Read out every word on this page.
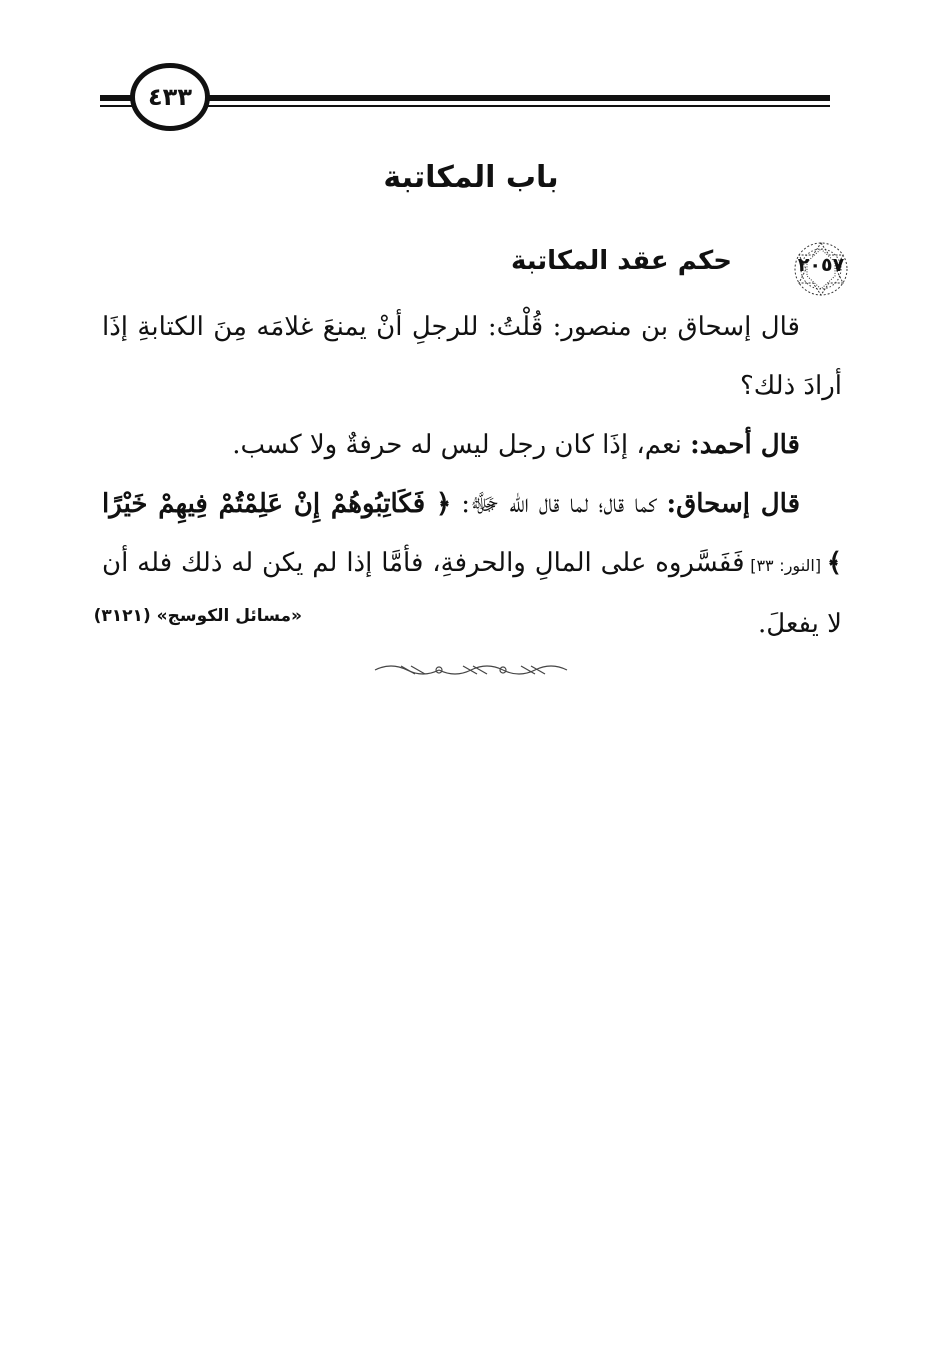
٤٣٣
باب المكاتبة
٢٠٥٧
حكم عقد المكاتبة

قال إسحاق بن منصور: قُلْتُ: للرجلِ أنْ يمنعَ غلامَه مِنَ الكتابةِ إذَا أرادَ ذلك؟

قال أحمد: نعم، إذَا كان رجل ليس له حرفةٌ ولا كسب.

قال إسحاق: كما قال؛ لما قال الله ﷻ: ﴿ فَكَاتِبُوهُمْ إِنْ عَلِمْتُمْ فِيهِمْ خَيْرًا ﴾ [النور: ٣٣] فَفَسَّروه على المالِ والحرفةِ، فأمَّا إذا لم يكن له ذلك فله أن لا يفعلَ.

«مسائل الكوسج» (٣١٢١)
